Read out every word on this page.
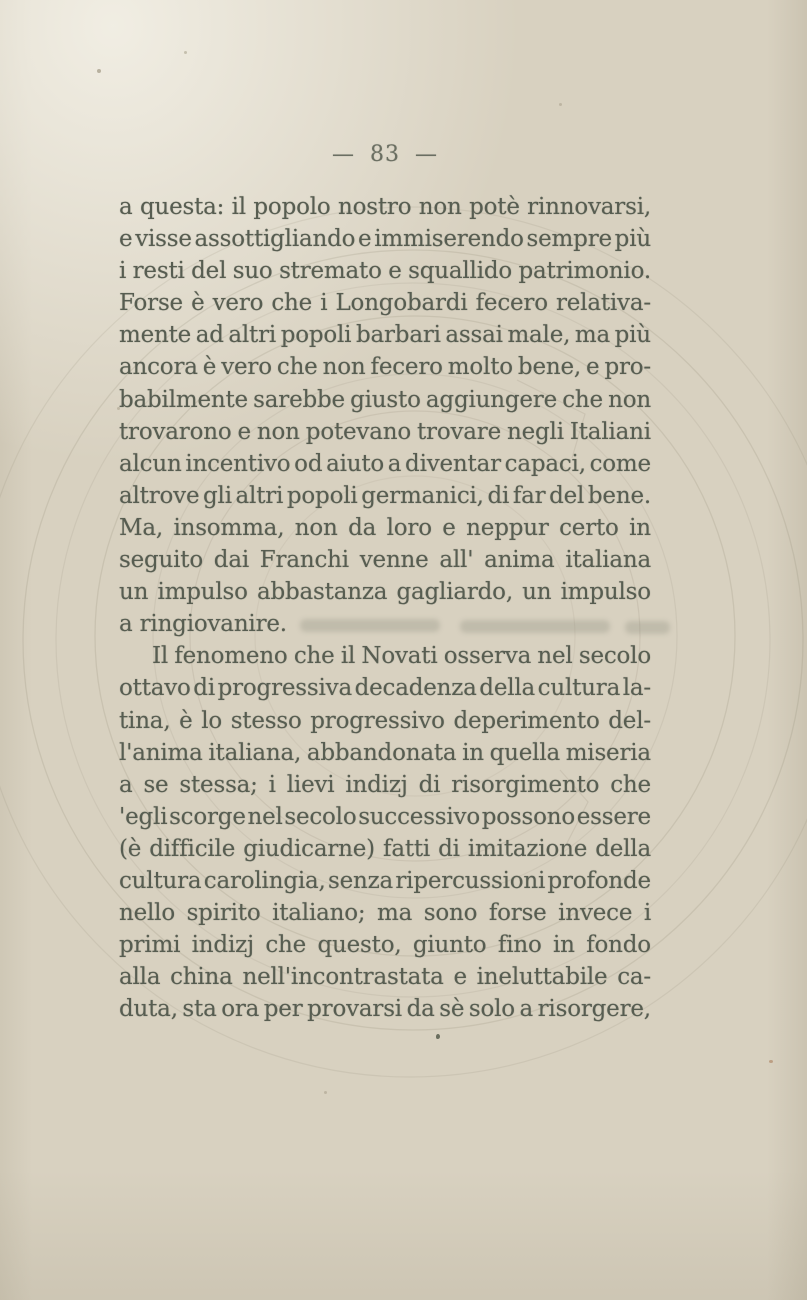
— 83 —
a questa: il popolo nostro non potè rinnovarsi,
e visse assottigliando e immiserendo sempre più
i resti del suo stremato e squallido patrimonio.
Forse è vero che i Longobardi fecero relativa-
mente ad altri popoli barbari assai male, ma più
ancora è vero che non fecero molto bene, e pro-
babilmente sarebbe giusto aggiungere che non
trovarono e non potevano trovare negli Italiani
alcun incentivo od aiuto a diventar capaci, come
altrove gli altri popoli germanici, di far del bene.
Ma, insomma, non da loro e neppur certo in
seguito dai Franchi venne all' anima italiana
un impulso abbastanza gagliardo, un impulso
a ringiovanire.
Il fenomeno che il Novati osserva nel secolo
ottavo di progressiva decadenza della cultura la-
tina, è lo stesso progressivo deperimento del-
l'anima italiana, abbandonata in quella miseria
a se stessa; i lievi indizj di risorgimento che
'egli scorge nel secolo successivo possono essere
(è difficile giudicarne) fatti di imitazione della
cultura carolingia, senza ripercussioni profonde
nello spirito italiano; ma sono forse invece i
primi indizj che questo, giunto fino in fondo
alla china nell'incontrastata e ineluttabile ca-
duta, sta ora per provarsi da sè solo a risorgere,
